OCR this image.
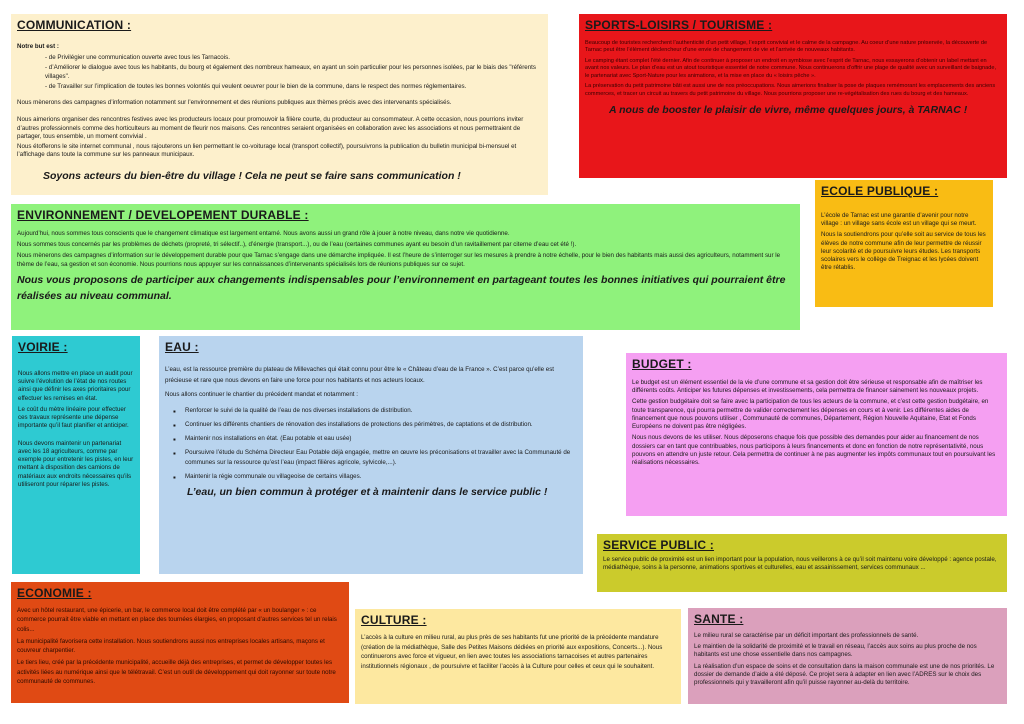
COMMUNICATION :

Notre but est :

- de Privilégier une communication ouverte avec tous les Tarnacois.

- d’Améliorer le dialogue avec tous les habitants, du bourg et également des nombreux hameaux, en ayant un soin particulier pour les personnes isolées, par le biais des "référents villages".

- de Travailler sur l’implication de toutes les bonnes volontés qui veulent oeuvrer pour le bien de la commune, dans le respect des normes réglementaires.

Nous mènerons des campagnes d’information notamment sur l’environnement et des réunions publiques aux thèmes précis avec des intervenants spécialisés.

Nous aimerions organiser des rencontres festives avec les producteurs locaux pour promouvoir la filière courte, du producteur au consommateur. A cette occasion, nous pourrions inviter d’autres professionnels comme des horticulteurs au moment de fleurir nos maisons. Ces rencontres seraient organisées en collaboration avec les associations et nous permettraient de partager, tous ensemble, un moment convivial .

Nous étofferons le site internet communal , nous rajouterons un lien permettant le co-voiturage local (transport collectif), poursuivrons la publication du bulletin municipal bi-mensuel et l’affichage dans toute la commune sur les panneaux municipaux.

Soyons acteurs du bien-être du village ! Cela ne peut se faire sans communication !

SPORTS-LOISIRS / TOURISME :

Beaucoup de touristes recherchent l’authenticité d’un petit village, l’esprit convivial et le calme de la campagne. Au coeur d’une nature préservée, la découverte de Tarnac peut être l’élément déclencheur d’une envie de changement de vie et l’arrivée de nouveaux habitants.

Le camping étant complet l’été dernier. Afin de continuer à proposer un endroit en symbiose avec l’esprit de Tarnac, nous essayerons d’obtenir un label mettant en avant nos valeurs. Le plan d’eau est un atout touristique essentiel de notre commune. Nous continuerons d’offrir une plage de qualité avec un surveillant de baignade, le partenariat avec Sport-Nature pour les animations, et la mise en place du « loisirs pêche ».

La préservation du petit patrimoine bâti est aussi une de nos préoccupations. Nous aimerions finaliser la pose de plaques remémorant les emplacements des anciens commerces, et tracer un circuit au travers du petit patrimoine du village. Nous pourrions proposer une re-végétalisation des rues du bourg et des hameaux.

A nous de booster le plaisir de vivre, même quelques jours, à TARNAC !

ECOLE PUBLIQUE :

L’école de Tarnac est une garantie d’avenir pour notre village : un village sans école est un village qui se meurt.

Nous la soutiendrons pour qu’elle soit au service de tous les élèves de notre commune afin de leur permettre de réussir leur scolarité et de poursuivre leurs études. Les transports scolaires vers le collège de Treignac et les lycées doivent être rétablis.

ENVIRONNEMENT / DEVELOPEMENT DURABLE :

Aujourd’hui, nous sommes tous conscients que le changement climatique est largement entamé. Nous avons aussi un grand rôle à jouer à notre niveau, dans notre vie quotidienne.

Nous sommes tous concernés par les problèmes de déchets (propreté, tri sélectif..), d’énergie (transport...), ou de l’eau (certaines communes ayant eu besoin d’un ravitaillement par citerne d’eau cet été !).

Nous mènerons des campagnes d’information sur le développement durable pour que Tarnac s’engage dans une démarche impliquée. Il est l’heure de s’interroger sur les mesures à prendre à notre échelle, pour le bien des habitants mais aussi des agriculteurs, notamment sur le thème de l’eau, sa gestion et son économie. Nous pourrions nous appuyer sur les connaissances d’intervenants spécialisés lors de réunions publiques sur ce sujet.

Nous vous proposons de participer aux changements indispensables pour l’environnement en partageant toutes les bonnes initiatives qui pourraient être réalisées au niveau communal.

VOIRIE :

Nous allons mettre en place un audit pour suivre l’évolution de l’état de nos routes ainsi que définir les axes prioritaires pour effectuer les remises en état.

Le coût du mètre linéaire pour effectuer ces travaux représente une dépense importante qu’il faut planifier et anticiper.

Nous devons maintenir un partenariat avec les 18 agriculteurs, comme par exemple pour entretenir les pistes, en leur mettant à disposition des camions de matériaux aux endroits nécessaires qu’ils utiliseront pour réparer les pistes.

EAU :

L’eau, est la ressource première du plateau de Millevaches qui était connu pour être le « Château d’eau de la France ». C’est parce qu’elle est précieuse et rare que nous devons en faire une force pour nos habitants et nos acteurs locaux.

Nous allons continuer le chantier du précédent mandat et notamment :

▪ Renforcer le suivi de la qualité de l’eau de nos diverses installations de distribution.
▪ Continuer les différents chantiers de rénovation des installations de protections des périmètres, de captations et de distribution.
▪ Maintenir nos installations en état. (Eau potable et eau usée)
▪ Poursuivre l’étude du Schéma Directeur Eau Potable déjà engagée, mettre en œuvre les préconisations et travailler avec la Communauté de communes sur la ressource qu’est l’eau (impact filières agricole, sylvicole,...).
▪ Maintenir la régie communale ou villageoise de certains villages.

L’eau, un bien commun à protéger et à maintenir dans le service public !

BUDGET :

Le budget est un élément essentiel de la vie d’une commune et sa gestion doit être sérieuse et responsable afin de maîtriser les différents coûts. Anticiper les futures dépenses et investissements, cela permettra de financer sainement les nouveaux projets.

Cette gestion budgétaire doit se faire avec la participation de tous les acteurs de la commune, et c’est cette gestion budgétaire, en toute transparence, qui pourra permettre de valider correctement les dépenses en cours et à venir. Les différentes aides de financement que nous pouvons utiliser , Communauté de communes, Département, Région Nouvelle Aquitaine, Etat et Fonds Européens ne doivent pas être négligées.

Nous nous devons de les utiliser. Nous déposerons chaque fois que possible des demandes pour aider au financement de nos dossiers car en tant que contribuables, nous participons à leurs financements et donc en fonction de notre représentativité, nous pouvons en attendre un juste retour. Cela permettra de continuer à ne pas augmenter les impôts communaux tout en poursuivant les réalisations nécessaires.

SERVICE PUBLIC :

Le service public de proximité est un lien important pour la population, nous veillerons à ce qu’il soit maintenu voire développé : agence postale, médiathèque, soins à la personne, animations sportives et culturelles, eau et assainissement, services communaux ...

ECONOMIE :

Avec un hôtel restaurant, une épicerie, un bar, le commerce local doit être complété par « un boulanger » : ce commerce pourrait être viable en mettant en place des tournées élargies, en proposant d’autres services tel un relais colis...

La municipalité favorisera cette installation. Nous soutiendrons aussi nos entreprises locales artisans, maçons et couvreur charpentier.

Le tiers lieu, créé par la précédente municipalité, accueille déjà des entreprises, et permet de développer toutes les activités liées au numérique ainsi que le télétravail. C’est un outil de développement qui doit rayonner sur toute notre communauté de communes.

CULTURE :

L’accès à la culture en milieu rural, au plus près de ses habitants fut une priorité de la précédente mandature (création de la médiathèque, Salle des Petites Maisons dédiées en priorité aux expositions, Concerts...). Nous continuerons avec force et vigueur, en lien avec toutes les associations tarnacoises et autres partenaires institutionnels régionaux , de poursuivre et faciliter l’accès à la Culture pour celles et ceux qui le souhaitent.

SANTE :

Le milieu rural se caractérise par un déficit important des professionnels de santé.

Le maintien de la solidarité de proximité et le travail en réseau, l’accès aux soins au plus proche de nos habitants est une chose essentielle dans nos campagnes.

La réalisation d’un espace de soins et de consultation dans la maison communale est une de nos priorités. Le dossier de demande d’aide a été déposé. Ce projet sera à adapter en lien avec l’ADRES sur le choix des professionnels qui y travailleront afin qu’il puisse rayonner au-delà du territoire.
